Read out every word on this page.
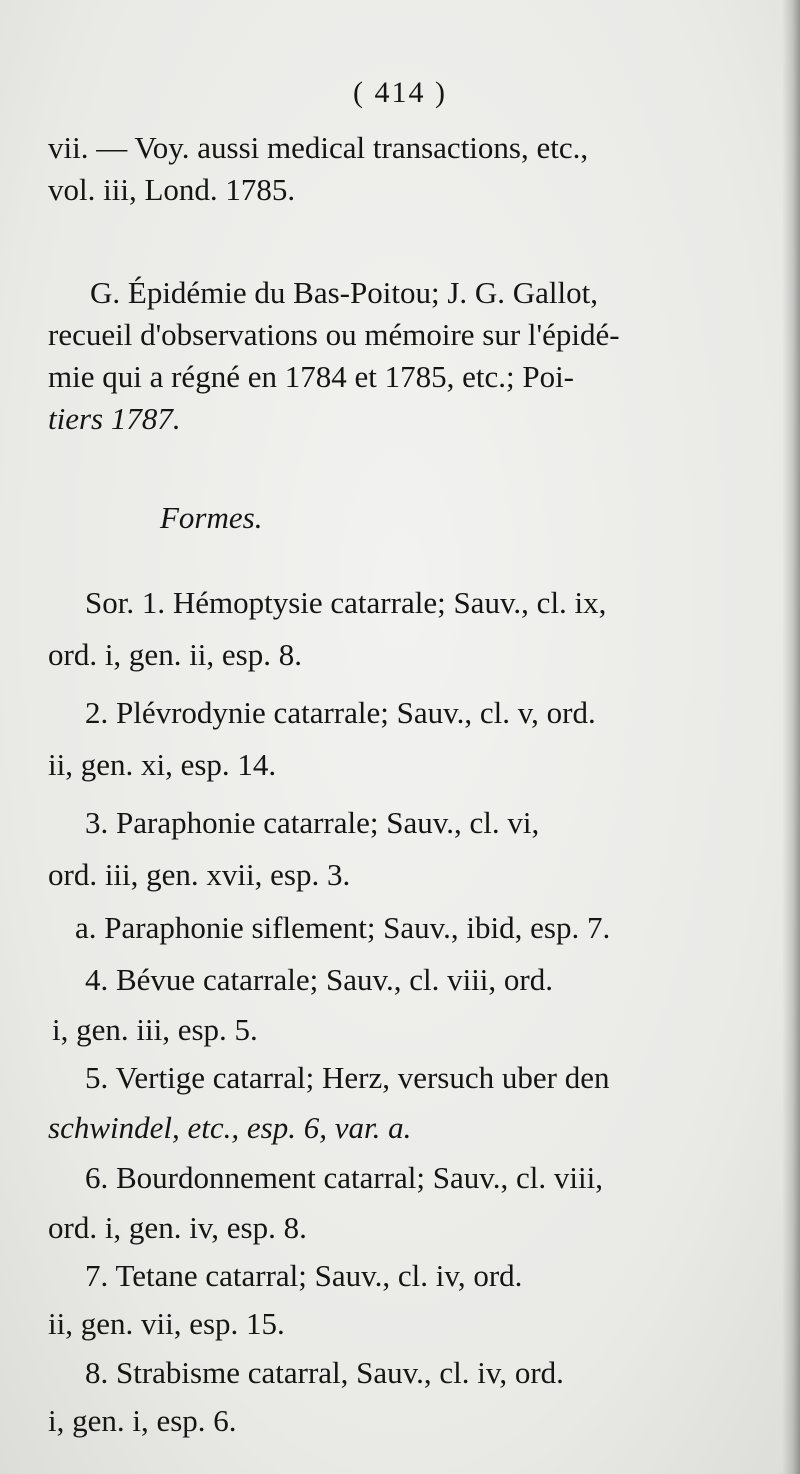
( 414 )
vii. — Voy. aussi medical transactions, etc.,
vol. iii, Lond. 1785.
G. Épidémie du Bas-Poitou; J. G. Gallot,
recueil d'observations ou mémoire sur l'épidé-
mie qui a régné en 1784 et 1785, etc.; Poi-
tiers 1787.
Formes.
Sor. 1. Hémoptysie catarrale; Sauv., cl. ix,
ord. i, gen. ii, esp. 8.
2. Plévrodynie catarrale; Sauv., cl. v, ord.
ii, gen. xi, esp. 14.
3. Paraphonie catarrale; Sauv., cl. vi,
ord. iii, gen. xvii, esp. 3.
a. Paraphonie siflement; Sauv., ibid, esp. 7.
4. Bévue catarrale; Sauv., cl. viii, ord.
i, gen. iii, esp. 5.
5. Vertige catarral; Herz, versuch uber den
schwindel, etc., esp. 6, var. a.
6. Bourdonnement catarral; Sauv., cl. viii,
ord. i, gen. iv, esp. 8.
7. Tetane catarral; Sauv., cl. iv, ord.
ii, gen. vii, esp. 15.
8. Strabisme catarral, Sauv., cl. iv, ord.
i, gen. i, esp. 6.
